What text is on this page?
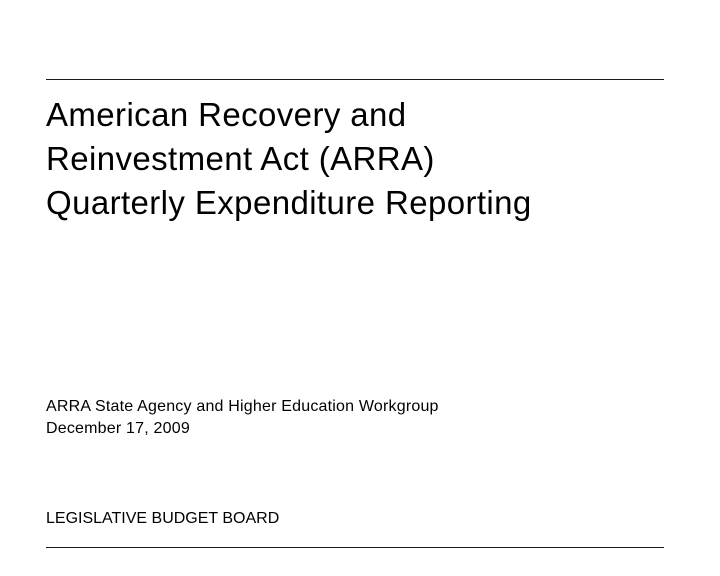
American Recovery and
Reinvestment Act (ARRA)
Quarterly Expenditure Reporting
ARRA State Agency and Higher Education Workgroup
December 17, 2009
LEGISLATIVE BUDGET BOARD
